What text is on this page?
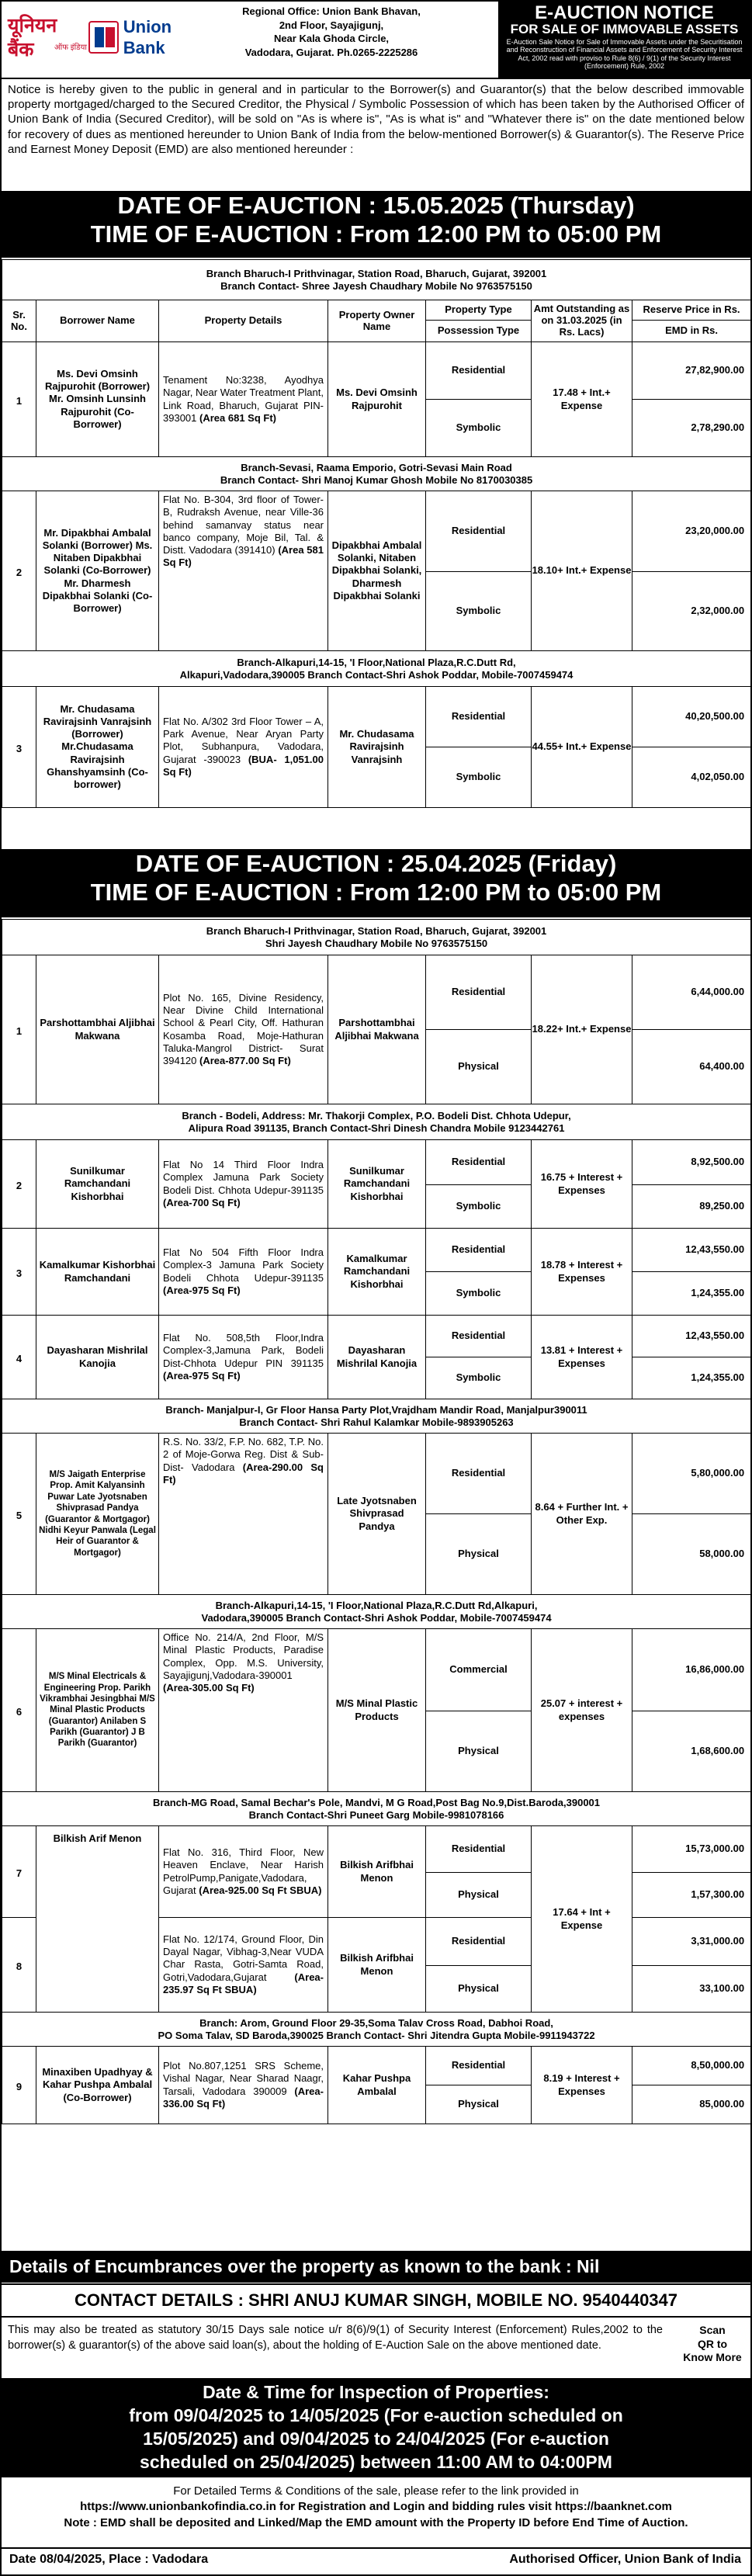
यूनियन बैंक	ऑफ इंडिया
Union Bank
Regional Office: Union Bank Bhavan,
2nd Floor, Sayajigunj,
Near Kala Ghoda Circle,
Vadodara, Gujarat. Ph.0265-2225286
E-AUCTION NOTICE
FOR SALE OF IMMOVABLE ASSETS
E-Auction Sale Notice for Sale of Immovable Assets under the Securitisation and Reconstruction of Financial Assets and Enforcement of Security Interest Act, 2002 read with proviso to Rule 8(6) / 9(1) of the Security Interest (Enforcement) Rule, 2002
Notice is hereby given to the public in general and in particular to the Borrower(s) and Guarantor(s) that the below described immovable property mortgaged/charged to the Secured Creditor, the Physical / Symbolic Possession of which has been taken by the Authorised Officer of Union Bank of India (Secured Creditor), will be sold on "As is where is", "As is what is" and "Whatever there is" on the date mentioned below for recovery of dues as mentioned hereunder to Union Bank of India from the below-mentioned Borrower(s) & Guarantor(s). The Reserve Price and Earnest Money Deposit (EMD) are also mentioned hereunder :
DATE OF E-AUCTION : 15.05.2025 (Thursday)
TIME OF E-AUCTION : From 12:00 PM to 05:00 PM
Branch Bharuch-I Prithvinagar, Station Road, Bharuch, Gujarat, 392001
Branch Contact- Shree Jayesh Chaudhary Mobile No 9763575150						
Sr. No.	Borrower Name	Property Details	Property Owner Name	Property Type	Amt Outstanding as on 31.03.2025 (in Rs. Lacs)	Reserve Price in Rs.
				Possession Type		EMD in Rs.
1	Ms. Devi Omsinh Rajpurohit (Borrower) Mr. Omsinh Lunsinh Rajpurohit (Co-Borrower)	Tenament No:3238, Ayodhya Nagar, Near Water Treatment Plant, Link Road, Bharuch, Gujarat PIN-393001 (Area 681 Sq Ft)	Ms. Devi Omsinh Rajpurohit	Residential	17.48 + Int.+ Expense	27,82,900.00
				Symbolic		2,78,290.00
Branch-Sevasi, Raama Emporio, Gotri-Sevasi Main Road
Branch Contact- Shri Manoj Kumar Ghosh Mobile No 8170030385						
2	Mr. Dipakbhai Ambalal Solanki (Borrower) Ms. Nitaben Dipakbhai Solanki (Co-Borrower) Mr. Dharmesh Dipakbhai Solanki (Co-Borrower)	Flat No. B-304, 3rd floor of Tower-B, Rudraksh Avenue, near Ville-36 behind samanvay status near banco company, Moje Bil, Tal. & Distt. Vadodara (391410) (Area 581 Sq Ft)	Dipakbhai Ambalal Solanki, Nitaben Dipakbhai Solanki, Dharmesh Dipakbhai Solanki	Residential	18.10+ Int.+ Expense	23,20,000.00
				Symbolic		2,32,000.00
Branch-Alkapuri,14-15, 'I Floor,National Plaza,R.C.Dutt Rd,
Alkapuri,Vadodara,390005 Branch Contact-Shri Ashok Poddar, Mobile-7007459474						
3	Mr. Chudasama Ravirajsinh Vanrajsinh (Borrower) Mr.Chudasama Ravirajsinh Ghanshyamsinh (Co-borrower)	Flat No. A/302 3rd Floor Tower – A, Park Avenue, Near Aryan Party Plot, Subhanpura, Vadodara, Gujarat -390023 (BUA- 1,051.00 Sq Ft)	Mr. Chudasama Ravirajsinh Vanrajsinh	Residential	44.55+ Int.+ Expense	40,20,500.00
				Symbolic		4,02,050.00
DATE OF E-AUCTION : 25.04.2025 (Friday)
TIME OF E-AUCTION : From 12:00 PM to 05:00 PM
Branch Bharuch-I Prithvinagar, Station Road, Bharuch, Gujarat, 392001
Shri Jayesh Chaudhary Mobile No 9763575150						
1	Parshottambhai Aljibhai Makwana	Plot No. 165, Divine Residency, Near Divine Child International School & Pearl City, Off. Hathuran Kosamba Road, Moje-Hathuran Taluka-Mangrol District- Surat 394120 (Area-877.00 Sq Ft)	Parshottambhai Aljibhai Makwana	Residential	18.22+ Int.+ Expense	6,44,000.00
				Physical		64,400.00
Branch - Bodeli, Address: Mr. Thakorji Complex, P.O. Bodeli Dist. Chhota Udepur,
Alipura Road 391135, Branch Contact-Shri Dinesh Chandra Mobile 9123442761						
2	Sunilkumar Ramchandani Kishorbhai	Flat No 14 Third Floor Indra Complex Jamuna Park Society Bodeli Dist. Chhota Udepur-391135 (Area-700 Sq Ft)	Sunilkumar Ramchandani Kishorbhai	Residential	16.75 + Interest + Expenses	8,92,500.00
				Symbolic		89,250.00
3	Kamalkumar Kishorbhai Ramchandani	Flat No 504 Fifth Floor Indra Complex-3 Jamuna Park Society Bodeli Chhota Udepur-391135 (Area-975 Sq Ft)	Kamalkumar Ramchandani Kishorbhai	Residential	18.78 + Interest + Expenses	12,43,550.00
				Symbolic		1,24,355.00
4	Dayasharan Mishrilal Kanojia	Flat No. 508,5th Floor,Indra Complex-3,Jamuna Park, Bodeli Dist-Chhota Udepur PIN 391135 (Area-975 Sq Ft)	Dayasharan Mishrilal Kanojia	Residential	13.81 + Interest + Expenses	12,43,550.00
				Symbolic		1,24,355.00
Branch- Manjalpur-I, Gr Floor Hansa Party Plot,Vrajdham Mandir Road, Manjalpur390011
Branch Contact- Shri Rahul Kalamkar Mobile-9893905263						
5	M/S Jaigath Enterprise Prop. Amit Kalyansinh Puwar Late Jyotsnaben Shivprasad Pandya (Guarantor & Mortgagor) Nidhi Keyur Panwala (Legal Heir of Guarantor & Mortgagor)	R.S. No. 33/2, F.P. No. 682, T.P. No. 2 of Moje-Gorwa Reg. Dist & Sub-Dist- Vadodara (Area-290.00 Sq Ft)	Late Jyotsnaben Shivprasad Pandya	Residential	8.64 + Further Int. + Other Exp.	5,80,000.00
				Physical		58,000.00
Branch-Alkapuri,14-15, 'I Floor,National Plaza,R.C.Dutt Rd,Alkapuri,
Vadodara,390005 Branch Contact-Shri Ashok Poddar, Mobile-7007459474						
6	M/S Minal Electricals & Engineering Prop. Parikh Vikrambhai Jesingbhai M/S Minal Plastic Products (Guarantor) Anilaben S Parikh (Guarantor) J B Parikh (Guarantor)	Office No. 214/A, 2nd Floor, M/S Minal Plastic Products, Paradise Complex, Opp. M.S. University, Sayajigunj,Vadodara-390001 (Area-305.00 Sq Ft)	M/S Minal Plastic Products	Commercial	25.07 + interest + expenses	16,86,000.00
				Physical		1,68,600.00
Branch-MG Road, Samal Bechar's Pole, Mandvi, M G Road,Post Bag No.9,Dist.Baroda,390001
Branch Contact-Shri Puneet Garg Mobile-9981078166						
7	Bilkish Arif Menon	Flat No. 316, Third Floor, New Heaven Enclave, Near Harish PetrolPump,Panigate,Vadodara, Gujarat (Area-925.00 Sq Ft SBUA)	Bilkish Arifbhai Menon	Residential	17.64 + Int + Expense	15,73,000.00
				Physical		1,57,300.00
8		Flat No. 12/174, Ground Floor, Din Dayal Nagar, Vibhag-3,Near VUDA Char Rasta, Gotri-Samta Road, Gotri,Vadodara,Gujarat (Area-235.97 Sq Ft SBUA)	Bilkish Arifbhai Menon	Residential		3,31,000.00
				Physical		33,100.00
Branch: Arom, Ground Floor 29-35,Soma Talav Cross Road, Dabhoi Road,
PO Soma Talav, SD Baroda,390025 Branch Contact- Shri Jitendra Gupta Mobile-9911943722						
9	Minaxiben Upadhyay & Kahar Pushpa Ambalal (Co-Borrower)	Plot No.807,1251 SRS Scheme, Vishal Nagar, Near Sharad Naagr, Tarsali, Vadodara 390009 (Area-336.00 Sq Ft)	Kahar Pushpa Ambalal	Residential	8.19 + Interest + Expenses	8,50,000.00
				Physical		85,000.00
Details of Encumbrances over the property as known to the bank : Nil
CONTACT DETAILS : SHRI ANUJ KUMAR SINGH, MOBILE NO. 9540440347
This may also be treated as statutory 30/15 Days sale notice u/r 8(6)/9(1) of Security Interest (Enforcement) Rules,2002 to the borrower(s) & guarantor(s) of the above said loan(s), about the holding of E-Auction Sale on the above mentioned date.
Scan
QR to
Know More
Date & Time for Inspection of Properties:
from 09/04/2025 to 14/05/2025 (For e-auction scheduled on
15/05/2025) and 09/04/2025 to 24/04/2025 (For e-auction
scheduled on 25/04/2025) between 11:00 AM to 04:00PM
For Detailed Terms & Conditions of the sale, please refer to the link provided in
https://www.unionbankofindia.co.in for Registration and Login and bidding rules visit https://baanknet.com
Note : EMD shall be deposited and Linked/Map the EMD amount with the Property ID before End Time of Auction.
Date 08/04/2025, Place : Vadodara	Authorised Officer, Union Bank of India
